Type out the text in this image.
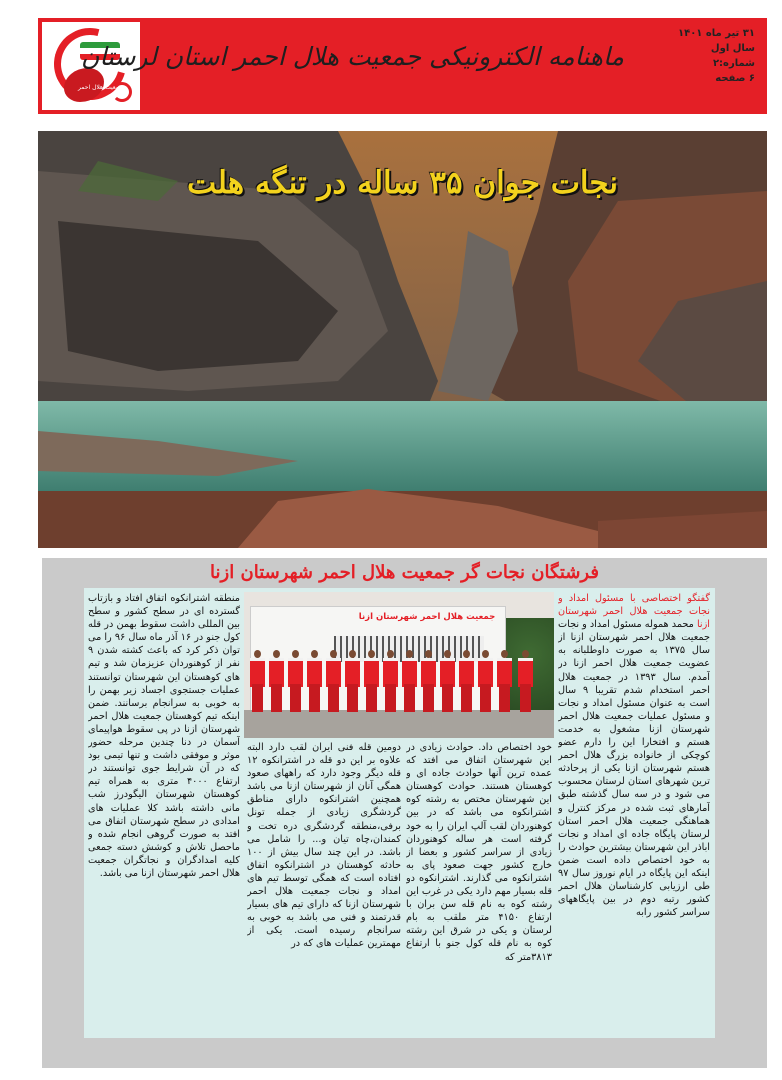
جمعیت هلال احمر
ماهنامه الکترونیکی جمعیت هلال احمر استان لرستان
۳۱ تیر ماه ۱۴۰۱
سال اول
شماره:۲
۶ صفحه
نجات جوان ۳۵ ساله در تنگه هلت
فرشتگان نجات گر جمعیت هلال احمر شهرستان ازنا
گفتگو اختصاصی با مسئول امداد و نجات جمعیت هلال احمر شهرستان ازنا محمد همولە مسئول امداد و نجات جمعیت هلال احمر شهرستان ازنا از سال ۱۳۷۵ به صورت داوطلبانه به عضویت جمعیت هلال احمر ازنا در آمدم. سال ۱۳۹۳ در جمعیت هلال احمر استخدام شدم تقریبا ۹ سال است به عنوان مسئول امداد و نجات و مسئول عملیات جمعیت هلال احمر شهرستان ازنا مشغول به خدمت هستم و افتخارا این را دارم عضو کوچکی از خانواده بزرگ هلال احمر هستم شهرستان ازنا یکی از پرحادثه ترین شهرهای استان لرستان محسوب می شود و در سه سال گذشته طبق آمارهای ثبت شده در مرکز کنترل و هماهنگی جمعیت هلال احمر استان لرستان پایگاه جاده ای امداد و نجات اباذر این شهرستان بیشترین حوادث را به خود اختصاص داده است ضمن اینکه این پایگاه در ایام نوروز سال ۹۷ طی ارزیابی کارشناسان هلال احمر کشور رتبه دوم در بین پایگاههای سراسر کشور رابه
جمعیت هلال احمر شهرستان ازنا
خود اختصاص داد. حوادث زیادی در این شهرستان اتفاق می افتد که عمده ترین آنها حوادث جاده ای و کوهستان هستند. حوادث کوهستان این شهرستان مختص به رشته کوه اشترانکوه می باشد که در بین کوهنوردان لقب آلپ ایران را به خود گرفته است هر ساله کوهنوردان زیادی از سراسر کشور و بعضا از خارج کشور جهت صعود پای به اشترانکوه می گذارند. اشترانکوه دو قله بسیار مهم دارد یکی در غرب این رشته کوه به نام قله سن بران با ارتفاع ۴۱۵۰ متر ملقب به بام لرستان و یکی در شرق این رشته کوه به نام قله کول جنو با ارتفاع ۳۸۱۳متر که
دومین قله فنی ایران لقب دارد البته علاوه بر این دو قله در اشترانکوه ۱۲ قله دیگر وجود دارد که راههای صعود همگی آنان از شهرستان ازنا می باشد همچنین اشترانکوه دارای مناطق گردشگری زیادی از جمله تونل برفی،منطقه گردشگری دره تخت و کمندان،چاه تیان و... را شامل می باشد. در این چند سال بیش از ۱۰۰ حادثه کوهستان در اشترانکوه اتفاق افتاده است که همگی توسط تیم های امداد و نجات جمعیت هلال احمر شهرستان ازنا که دارای تیم های بسیار قدرتمند و فنی می باشد به خوبی به سرانجام رسیده است. یکی از مهمترین عملیات های که در
منطقه اشترانکوه اتفاق افتاد و بازتاب گسترده ای در سطح کشور و سطح بین المللی داشت سقوط بهمن در قله کول جنو در ۱۶ آذر ماه سال ۹۶ را می توان ذکر کرد که باعث کشته شدن ۹ نفر از کوهنوردان عزیزمان شد و تیم های کوهستان این شهرستان توانستند عملیات جستجوی اجساد زیر بهمن را به خوبی به سرانجام برسانند. ضمن اینکه تیم کوهستان جمعیت هلال احمر شهرستان ازنا در پی سقوط هواپیمای آسمان در دنا چندین مرحله حضور موثر و موفقی داشت و تنها تیمی بود که در آن شرایط جوی توانستند در ارتفاع ۴۰۰۰ متری به همراه تیم کوهستان شهرستان الیگودرز شب مانی داشته باشد کلا عملیات های امدادی در سطح شهرستان اتفاق می افتد به صورت گروهی انجام شده و ماحصل تلاش و کوشش دسته جمعی کلیه امدادگران و نجاتگران جمعیت هلال احمر شهرستان ازنا می باشد.
